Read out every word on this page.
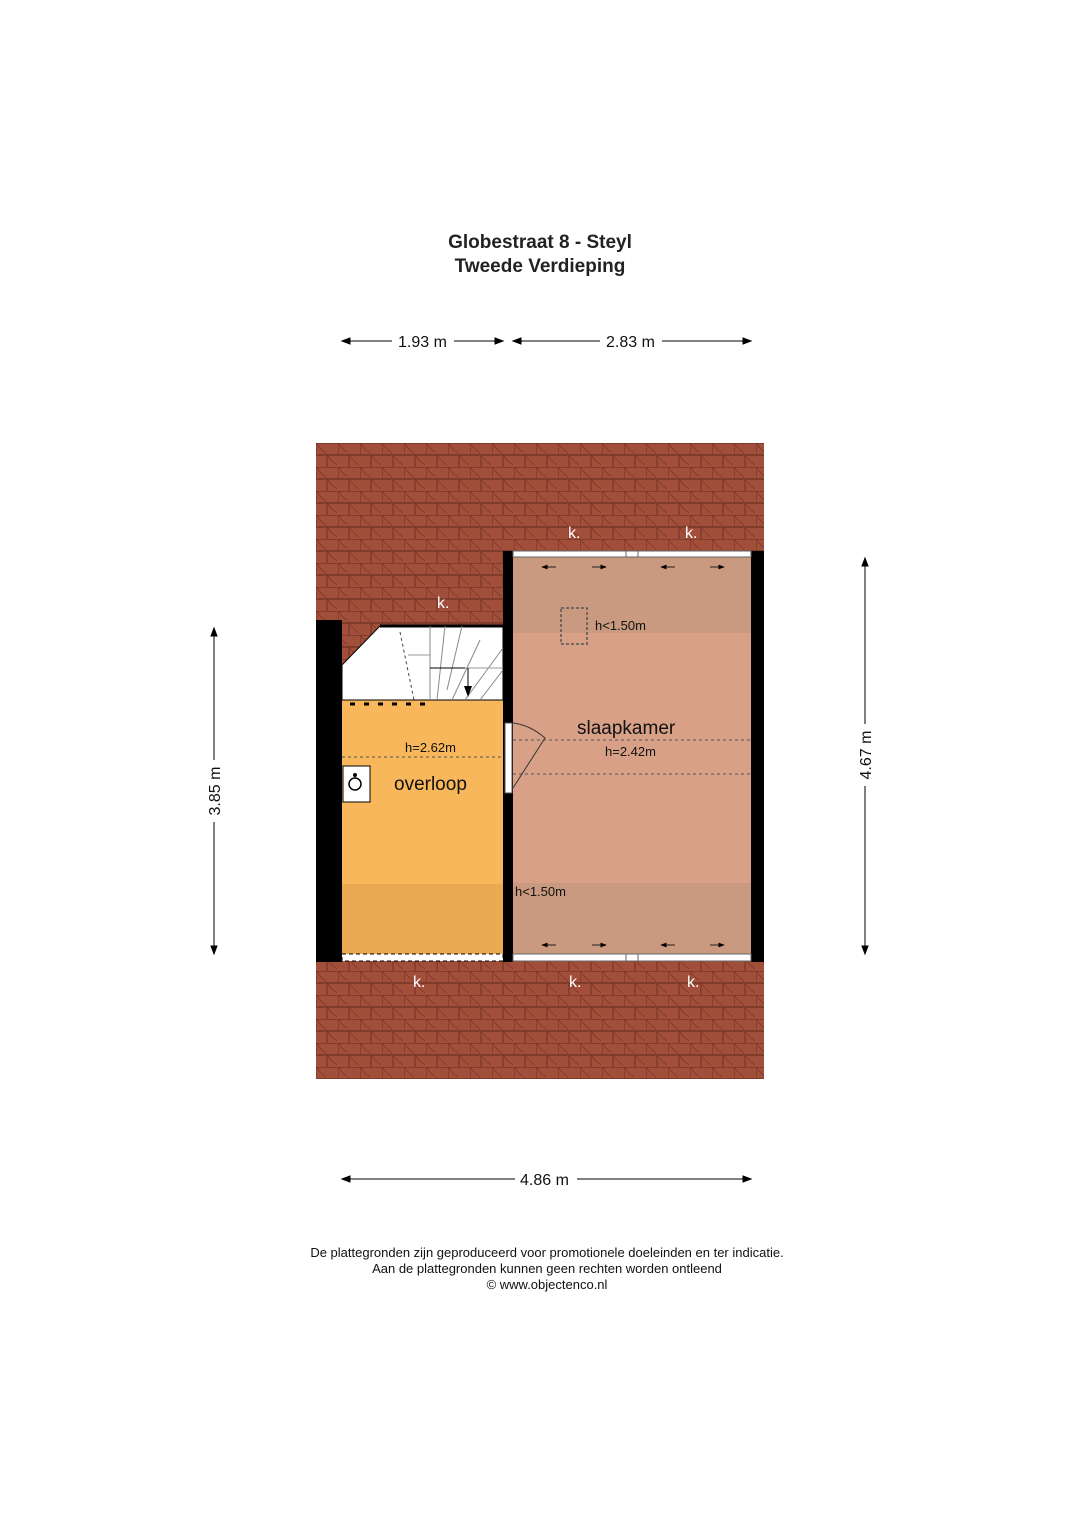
Globestraat 8 - Steyl
Tweede Verdieping
k.	k.
k.
k.	k.	k.
slaapkamer
h=2.42m
overloop
h=2.62m
h<1.50m
h<1.50m
1.93 m	2.83 m
4.86 m
3.85 m
4.67 m
De plattegronden zijn geproduceerd voor promotionele doeleinden en ter indicatie.
Aan de plattegronden kunnen geen rechten worden ontleend
© www.objectenco.nl
